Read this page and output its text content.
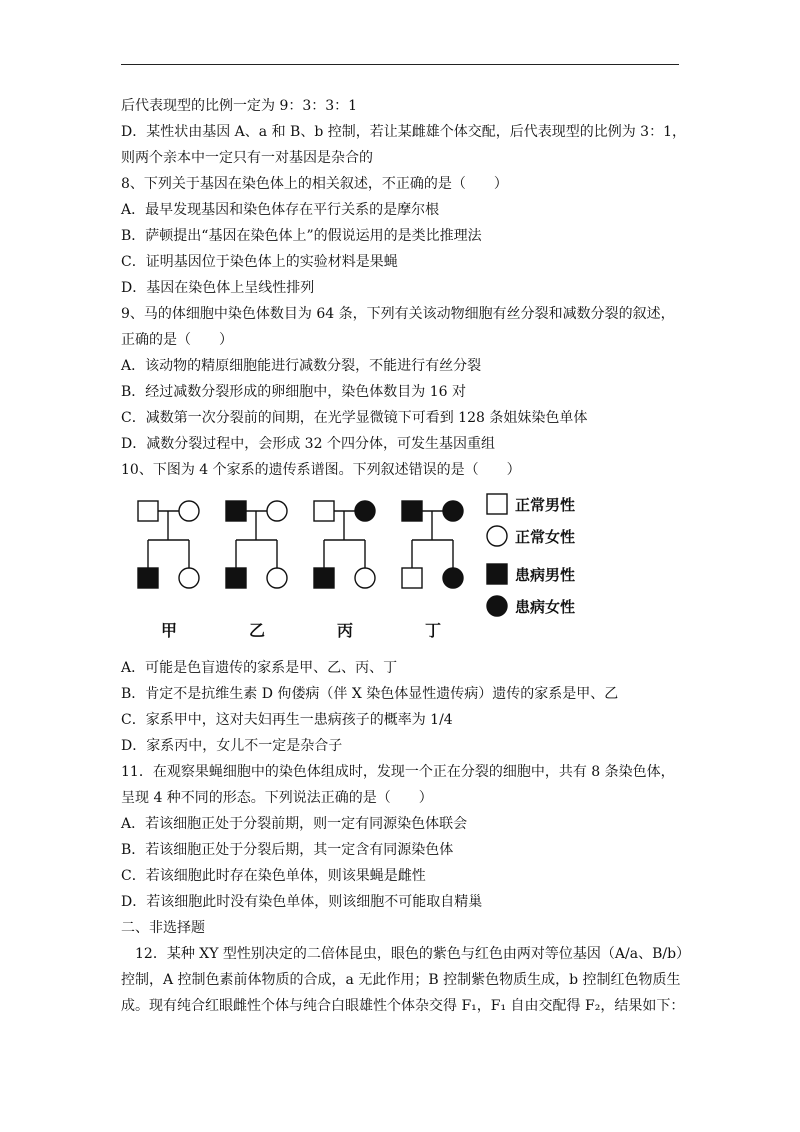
后代表现型的比例一定为 9：3：3：1
D．某性状由基因 A、a 和 B、b 控制，若让某雌雄个体交配，后代表现型的比例为 3：1，
则两个亲本中一定只有一对基因是杂合的
8、下列关于基因在染色体上的相关叙述，不正确的是（　　）
A．最早发现基因和染色体存在平行关系的是摩尔根
B．萨顿提出“基因在染色体上”的假说运用的是类比推理法
C．证明基因位于染色体上的实验材料是果蝇
D．基因在染色体上呈线性排列
9、马的体细胞中染色体数目为 64 条，下列有关该动物细胞有丝分裂和减数分裂的叙述，
正确的是（　　）
A．该动物的精原细胞能进行减数分裂，不能进行有丝分裂
B．经过减数分裂形成的卵细胞中，染色体数目为 16 对
C．减数第一次分裂前的间期，在光学显微镜下可看到 128 条姐妹染色单体
D．减数分裂过程中，会形成 32 个四分体，可发生基因重组
10、下图为 4 个家系的遗传系谱图。下列叙述错误的是（　　）
甲	乙	丙	丁
正常男性
正常女性
患病男性
患病女性
A．可能是色盲遗传的家系是甲、乙、丙、丁
B．肯定不是抗维生素 D 佝偻病（伴 X 染色体显性遗传病）遗传的家系是甲、乙
C．家系甲中，这对夫妇再生一患病孩子的概率为 1/4
D．家系丙中，女儿不一定是杂合子
11．在观察果蝇细胞中的染色体组成时，发现一个正在分裂的细胞中，共有 8 条染色体，
呈现 4 种不同的形态。下列说法正确的是（　　）
A．若该细胞正处于分裂前期，则一定有同源染色体联会
B．若该细胞正处于分裂后期，其一定含有同源染色体
C．若该细胞此时存在染色单体，则该果蝇是雌性
D．若该细胞此时没有染色单体，则该细胞不可能取自精巢
二、非选择题
　12．某种 XY 型性别决定的二倍体昆虫，眼色的紫色与红色由两对等位基因（A/a、B/b）
控制，A 控制色素前体物质的合成，a 无此作用；B 控制紫色物质生成，b 控制红色物质生
成。现有纯合红眼雌性个体与纯合白眼雄性个体杂交得 F₁，F₁ 自由交配得 F₂，结果如下：
